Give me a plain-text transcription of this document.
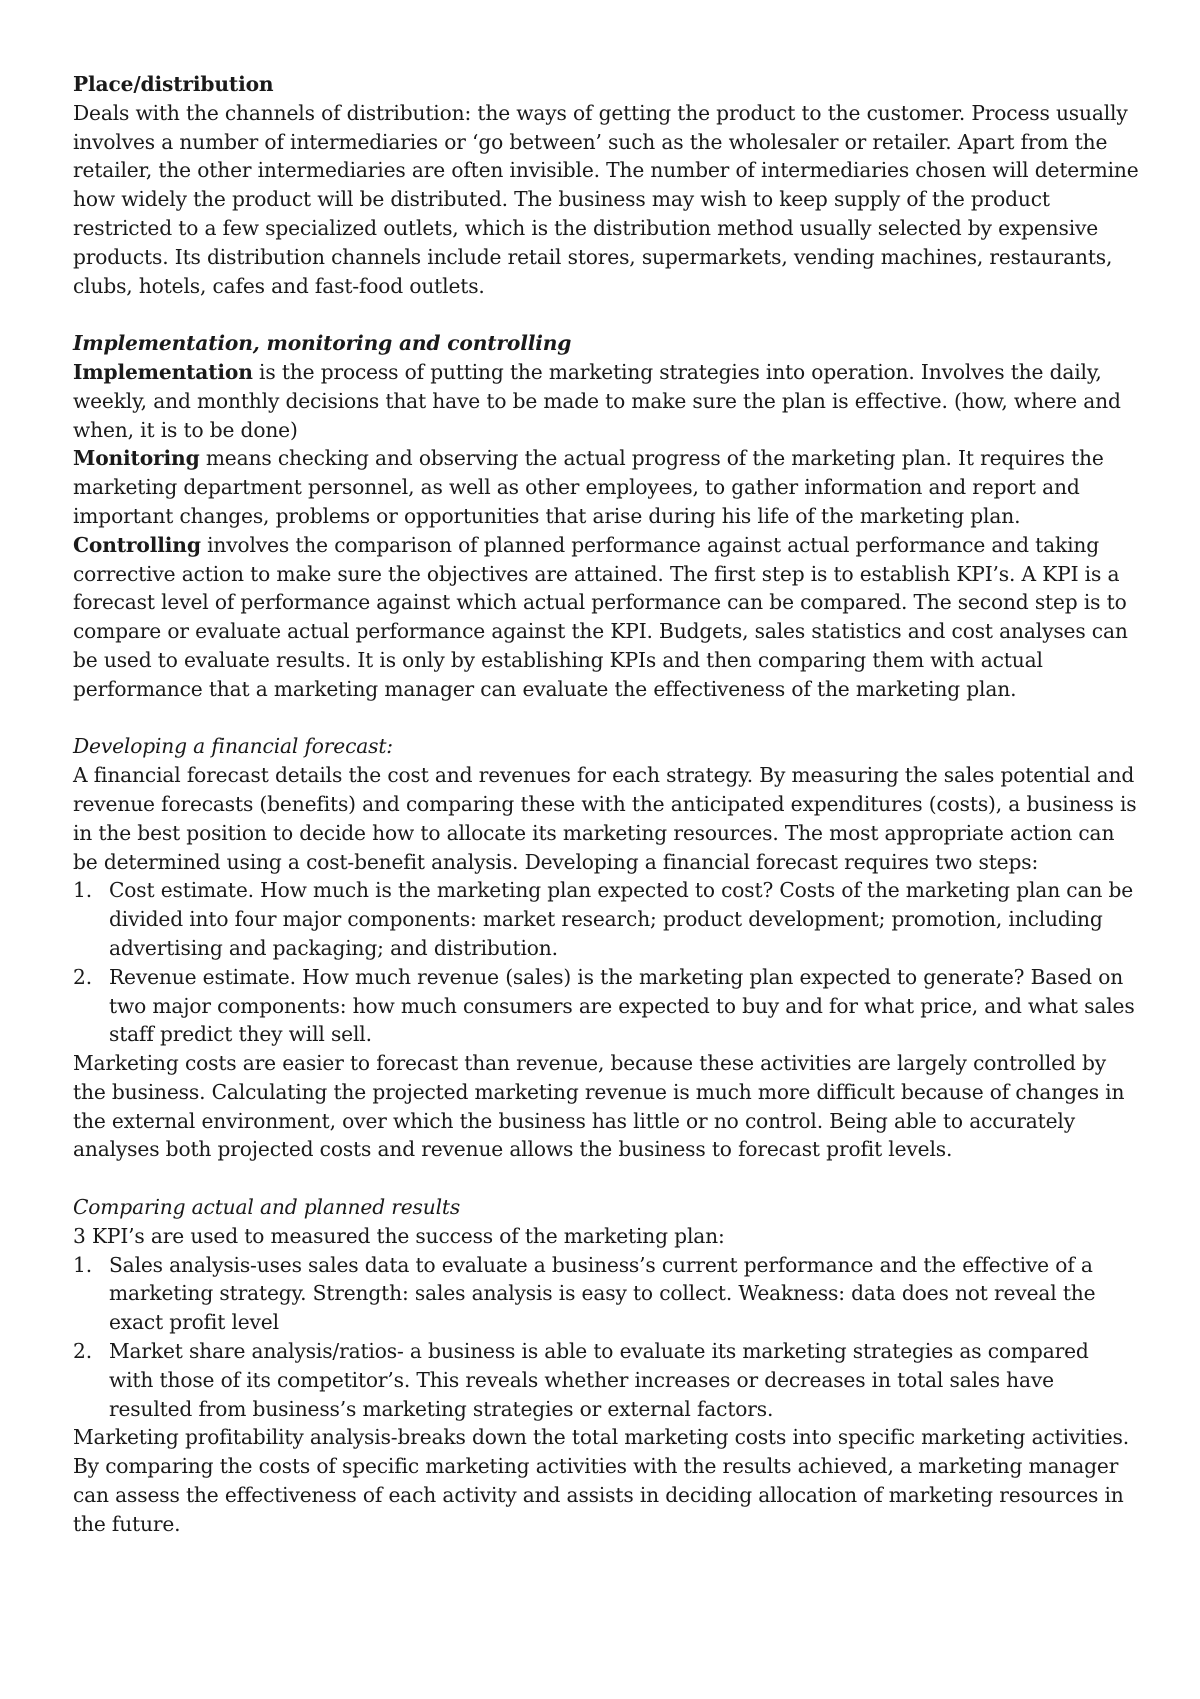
Place/distribution

Deals with the channels of distribution: the ways of getting the product to the customer. Process usually involves a number of intermediaries or ‘go between’ such as the wholesaler or retailer. Apart from the retailer, the other intermediaries are often invisible. The number of intermediaries chosen will determine how widely the product will be distributed. The business may wish to keep supply of the product restricted to a few specialized outlets, which is the distribution method usually selected by expensive products. Its distribution channels include retail stores, supermarkets, vending machines, restaurants, clubs, hotels, cafes and fast-food outlets.

Implementation, monitoring and controlling

Implementation is the process of putting the marketing strategies into operation. Involves the daily, weekly, and monthly decisions that have to be made to make sure the plan is effective. (how, where and when, it is to be done)

Monitoring means checking and observing the actual progress of the marketing plan. It requires the marketing department personnel, as well as other employees, to gather information and report and important changes, problems or opportunities that arise during his life of the marketing plan.

Controlling involves the comparison of planned performance against actual performance and taking corrective action to make sure the objectives are attained. The first step is to establish KPI’s. A KPI is a forecast level of performance against which actual performance can be compared. The second step is to compare or evaluate actual performance against the KPI. Budgets, sales statistics and cost analyses can be used to evaluate results. It is only by establishing KPIs and then comparing them with actual performance that a marketing manager can evaluate the effectiveness of the marketing plan.

Developing a financial forecast:

A financial forecast details the cost and revenues for each strategy. By measuring the sales potential and revenue forecasts (benefits) and comparing these with the anticipated expenditures (costs), a business is in the best position to decide how to allocate its marketing resources. The most appropriate action can be determined using a cost-benefit analysis. Developing a financial forecast requires two steps:

1. Cost estimate. How much is the marketing plan expected to cost? Costs of the marketing plan can be divided into four major components: market research; product development; promotion, including advertising and packaging; and distribution.
2. Revenue estimate. How much revenue (sales) is the marketing plan expected to generate? Based on two major components: how much consumers are expected to buy and for what price, and what sales staff predict they will sell.

Marketing costs are easier to forecast than revenue, because these activities are largely controlled by the business. Calculating the projected marketing revenue is much more difficult because of changes in the external environment, over which the business has little or no control. Being able to accurately analyses both projected costs and revenue allows the business to forecast profit levels.

Comparing actual and planned results

3 KPI’s are used to measured the success of the marketing plan:

1. Sales analysis-uses sales data to evaluate a business’s current performance and the effective of a marketing strategy. Strength: sales analysis is easy to collect. Weakness: data does not reveal the exact profit level
2. Market share analysis/ratios- a business is able to evaluate its marketing strategies as compared with those of its competitor’s. This reveals whether increases or decreases in total sales have resulted from business’s marketing strategies or external factors.

Marketing profitability analysis-breaks down the total marketing costs into specific marketing activities. By comparing the costs of specific marketing activities with the results achieved, a marketing manager can assess the effectiveness of each activity and assists in deciding allocation of marketing resources in the future.
